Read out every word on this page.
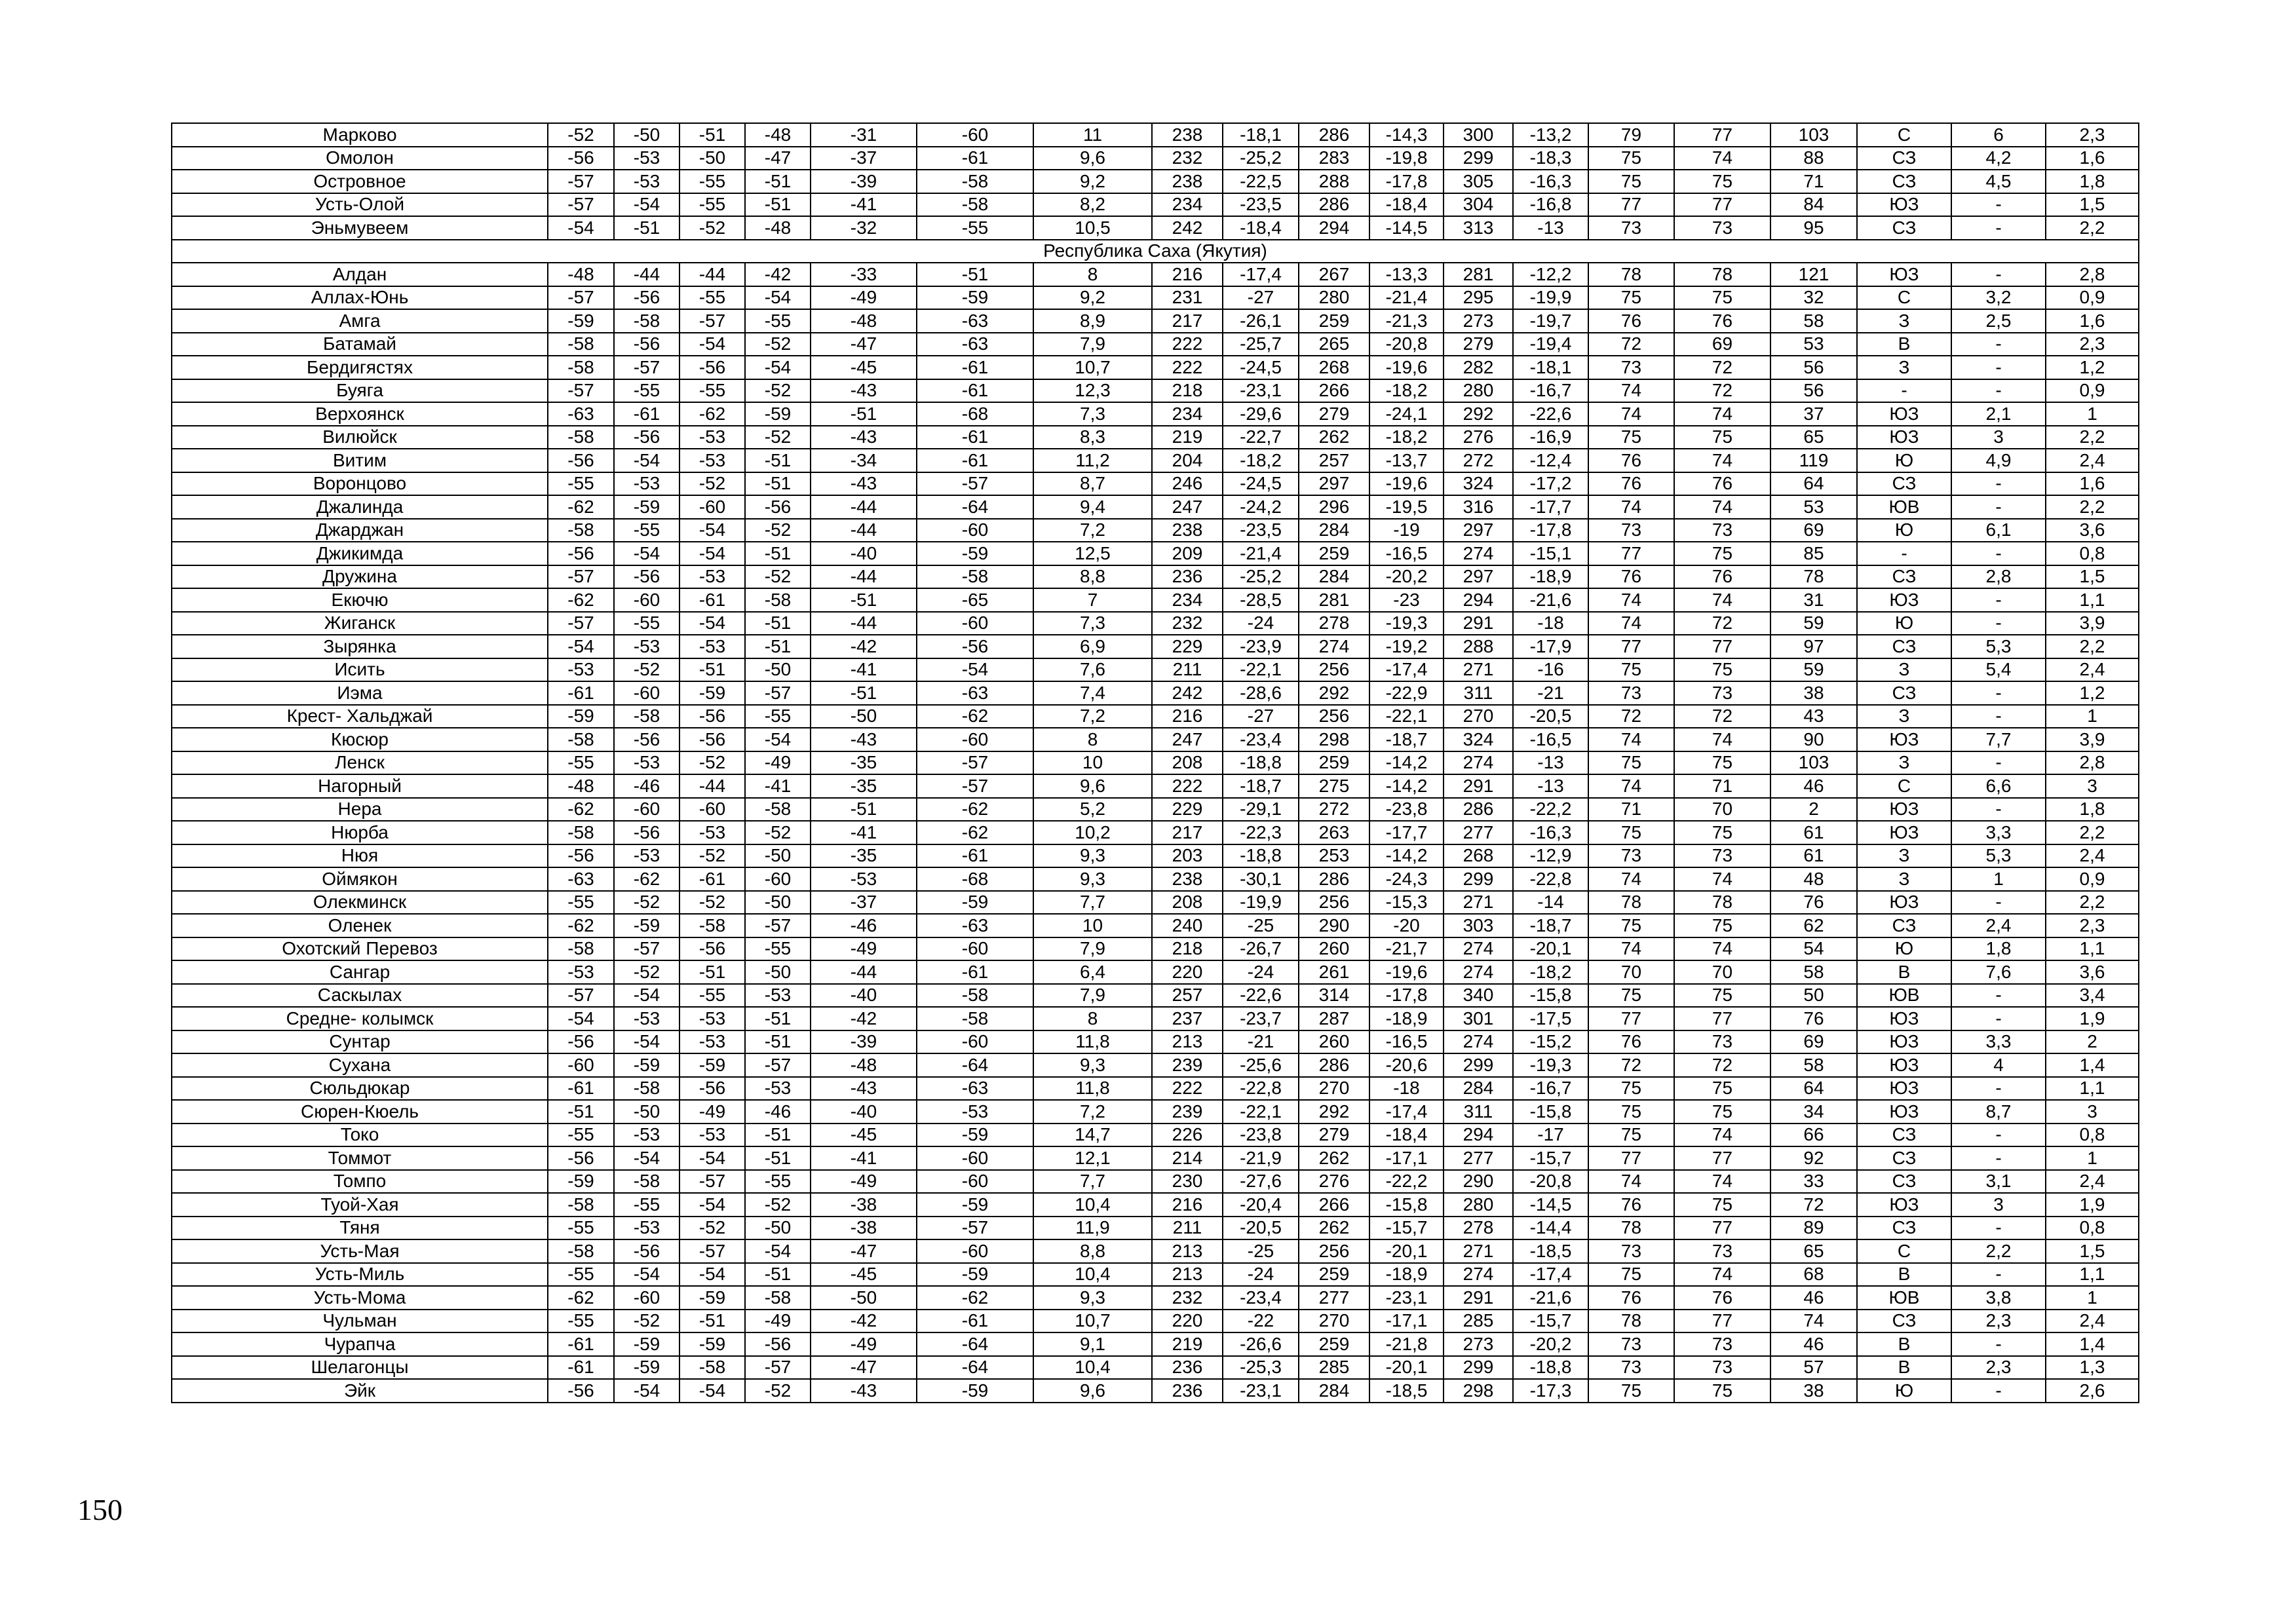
Марково	-52	-50	-51	-48	-31	-60	11	238	-18,1	286	-14,3	300	-13,2	79	77	103	С	6	2,3
Омолон	-56	-53	-50	-47	-37	-61	9,6	232	-25,2	283	-19,8	299	-18,3	75	74	88	СЗ	4,2	1,6
Островное	-57	-53	-55	-51	-39	-58	9,2	238	-22,5	288	-17,8	305	-16,3	75	75	71	СЗ	4,5	1,8
Усть-Олой	-57	-54	-55	-51	-41	-58	8,2	234	-23,5	286	-18,4	304	-16,8	77	77	84	ЮЗ	-	1,5
Эньмувеем	-54	-51	-52	-48	-32	-55	10,5	242	-18,4	294	-14,5	313	-13	73	73	95	СЗ	-	2,2
Республика Саха (Якутия)																			
Алдан	-48	-44	-44	-42	-33	-51	8	216	-17,4	267	-13,3	281	-12,2	78	78	121	ЮЗ	-	2,8
Аллах-Юнь	-57	-56	-55	-54	-49	-59	9,2	231	-27	280	-21,4	295	-19,9	75	75	32	С	3,2	0,9
Амга	-59	-58	-57	-55	-48	-63	8,9	217	-26,1	259	-21,3	273	-19,7	76	76	58	З	2,5	1,6
Батамай	-58	-56	-54	-52	-47	-63	7,9	222	-25,7	265	-20,8	279	-19,4	72	69	53	В	-	2,3
Бердигястях	-58	-57	-56	-54	-45	-61	10,7	222	-24,5	268	-19,6	282	-18,1	73	72	56	З	-	1,2
Буяга	-57	-55	-55	-52	-43	-61	12,3	218	-23,1	266	-18,2	280	-16,7	74	72	56	-	-	0,9
Верхоянск	-63	-61	-62	-59	-51	-68	7,3	234	-29,6	279	-24,1	292	-22,6	74	74	37	ЮЗ	2,1	1
Вилюйск	-58	-56	-53	-52	-43	-61	8,3	219	-22,7	262	-18,2	276	-16,9	75	75	65	ЮЗ	3	2,2
Витим	-56	-54	-53	-51	-34	-61	11,2	204	-18,2	257	-13,7	272	-12,4	76	74	119	Ю	4,9	2,4
Воронцово	-55	-53	-52	-51	-43	-57	8,7	246	-24,5	297	-19,6	324	-17,2	76	76	64	СЗ	-	1,6
Джалинда	-62	-59	-60	-56	-44	-64	9,4	247	-24,2	296	-19,5	316	-17,7	74	74	53	ЮВ	-	2,2
Джарджан	-58	-55	-54	-52	-44	-60	7,2	238	-23,5	284	-19	297	-17,8	73	73	69	Ю	6,1	3,6
Джикимда	-56	-54	-54	-51	-40	-59	12,5	209	-21,4	259	-16,5	274	-15,1	77	75	85	-	-	0,8
Дружина	-57	-56	-53	-52	-44	-58	8,8	236	-25,2	284	-20,2	297	-18,9	76	76	78	СЗ	2,8	1,5
Екючю	-62	-60	-61	-58	-51	-65	7	234	-28,5	281	-23	294	-21,6	74	74	31	ЮЗ	-	1,1
Жиганск	-57	-55	-54	-51	-44	-60	7,3	232	-24	278	-19,3	291	-18	74	72	59	Ю	-	3,9
Зырянка	-54	-53	-53	-51	-42	-56	6,9	229	-23,9	274	-19,2	288	-17,9	77	77	97	СЗ	5,3	2,2
Исить	-53	-52	-51	-50	-41	-54	7,6	211	-22,1	256	-17,4	271	-16	75	75	59	З	5,4	2,4
Иэма	-61	-60	-59	-57	-51	-63	7,4	242	-28,6	292	-22,9	311	-21	73	73	38	СЗ	-	1,2
Крест- Хальджай	-59	-58	-56	-55	-50	-62	7,2	216	-27	256	-22,1	270	-20,5	72	72	43	З	-	1
Кюсюр	-58	-56	-56	-54	-43	-60	8	247	-23,4	298	-18,7	324	-16,5	74	74	90	ЮЗ	7,7	3,9
Ленск	-55	-53	-52	-49	-35	-57	10	208	-18,8	259	-14,2	274	-13	75	75	103	З	-	2,8
Нагорный	-48	-46	-44	-41	-35	-57	9,6	222	-18,7	275	-14,2	291	-13	74	71	46	С	6,6	3
Нера	-62	-60	-60	-58	-51	-62	5,2	229	-29,1	272	-23,8	286	-22,2	71	70	2	ЮЗ	-	1,8
Нюрба	-58	-56	-53	-52	-41	-62	10,2	217	-22,3	263	-17,7	277	-16,3	75	75	61	ЮЗ	3,3	2,2
Нюя	-56	-53	-52	-50	-35	-61	9,3	203	-18,8	253	-14,2	268	-12,9	73	73	61	З	5,3	2,4
Оймякон	-63	-62	-61	-60	-53	-68	9,3	238	-30,1	286	-24,3	299	-22,8	74	74	48	З	1	0,9
Олекминск	-55	-52	-52	-50	-37	-59	7,7	208	-19,9	256	-15,3	271	-14	78	78	76	ЮЗ	-	2,2
Оленек	-62	-59	-58	-57	-46	-63	10	240	-25	290	-20	303	-18,7	75	75	62	СЗ	2,4	2,3
Охотский Перевоз	-58	-57	-56	-55	-49	-60	7,9	218	-26,7	260	-21,7	274	-20,1	74	74	54	Ю	1,8	1,1
Сангар	-53	-52	-51	-50	-44	-61	6,4	220	-24	261	-19,6	274	-18,2	70	70	58	В	7,6	3,6
Саскылах	-57	-54	-55	-53	-40	-58	7,9	257	-22,6	314	-17,8	340	-15,8	75	75	50	ЮВ	-	3,4
Средне- колымск	-54	-53	-53	-51	-42	-58	8	237	-23,7	287	-18,9	301	-17,5	77	77	76	ЮЗ	-	1,9
Сунтар	-56	-54	-53	-51	-39	-60	11,8	213	-21	260	-16,5	274	-15,2	76	73	69	ЮЗ	3,3	2
Сухана	-60	-59	-59	-57	-48	-64	9,3	239	-25,6	286	-20,6	299	-19,3	72	72	58	ЮЗ	4	1,4
Сюльдюкар	-61	-58	-56	-53	-43	-63	11,8	222	-22,8	270	-18	284	-16,7	75	75	64	ЮЗ	-	1,1
Сюрен-Кюель	-51	-50	-49	-46	-40	-53	7,2	239	-22,1	292	-17,4	311	-15,8	75	75	34	ЮЗ	8,7	3
Токо	-55	-53	-53	-51	-45	-59	14,7	226	-23,8	279	-18,4	294	-17	75	74	66	СЗ	-	0,8
Томмот	-56	-54	-54	-51	-41	-60	12,1	214	-21,9	262	-17,1	277	-15,7	77	77	92	СЗ	-	1
Томпо	-59	-58	-57	-55	-49	-60	7,7	230	-27,6	276	-22,2	290	-20,8	74	74	33	СЗ	3,1	2,4
Туой-Хая	-58	-55	-54	-52	-38	-59	10,4	216	-20,4	266	-15,8	280	-14,5	76	75	72	ЮЗ	3	1,9
Тяня	-55	-53	-52	-50	-38	-57	11,9	211	-20,5	262	-15,7	278	-14,4	78	77	89	СЗ	-	0,8
Усть-Мая	-58	-56	-57	-54	-47	-60	8,8	213	-25	256	-20,1	271	-18,5	73	73	65	С	2,2	1,5
Усть-Миль	-55	-54	-54	-51	-45	-59	10,4	213	-24	259	-18,9	274	-17,4	75	74	68	В	-	1,1
Усть-Мома	-62	-60	-59	-58	-50	-62	9,3	232	-23,4	277	-23,1	291	-21,6	76	76	46	ЮВ	3,8	1
Чульман	-55	-52	-51	-49	-42	-61	10,7	220	-22	270	-17,1	285	-15,7	78	77	74	СЗ	2,3	2,4
Чурапча	-61	-59	-59	-56	-49	-64	9,1	219	-26,6	259	-21,8	273	-20,2	73	73	46	В	-	1,4
Шелагонцы	-61	-59	-58	-57	-47	-64	10,4	236	-25,3	285	-20,1	299	-18,8	73	73	57	В	2,3	1,3
Эйк	-56	-54	-54	-52	-43	-59	9,6	236	-23,1	284	-18,5	298	-17,3	75	75	38	Ю	-	2,6
150
